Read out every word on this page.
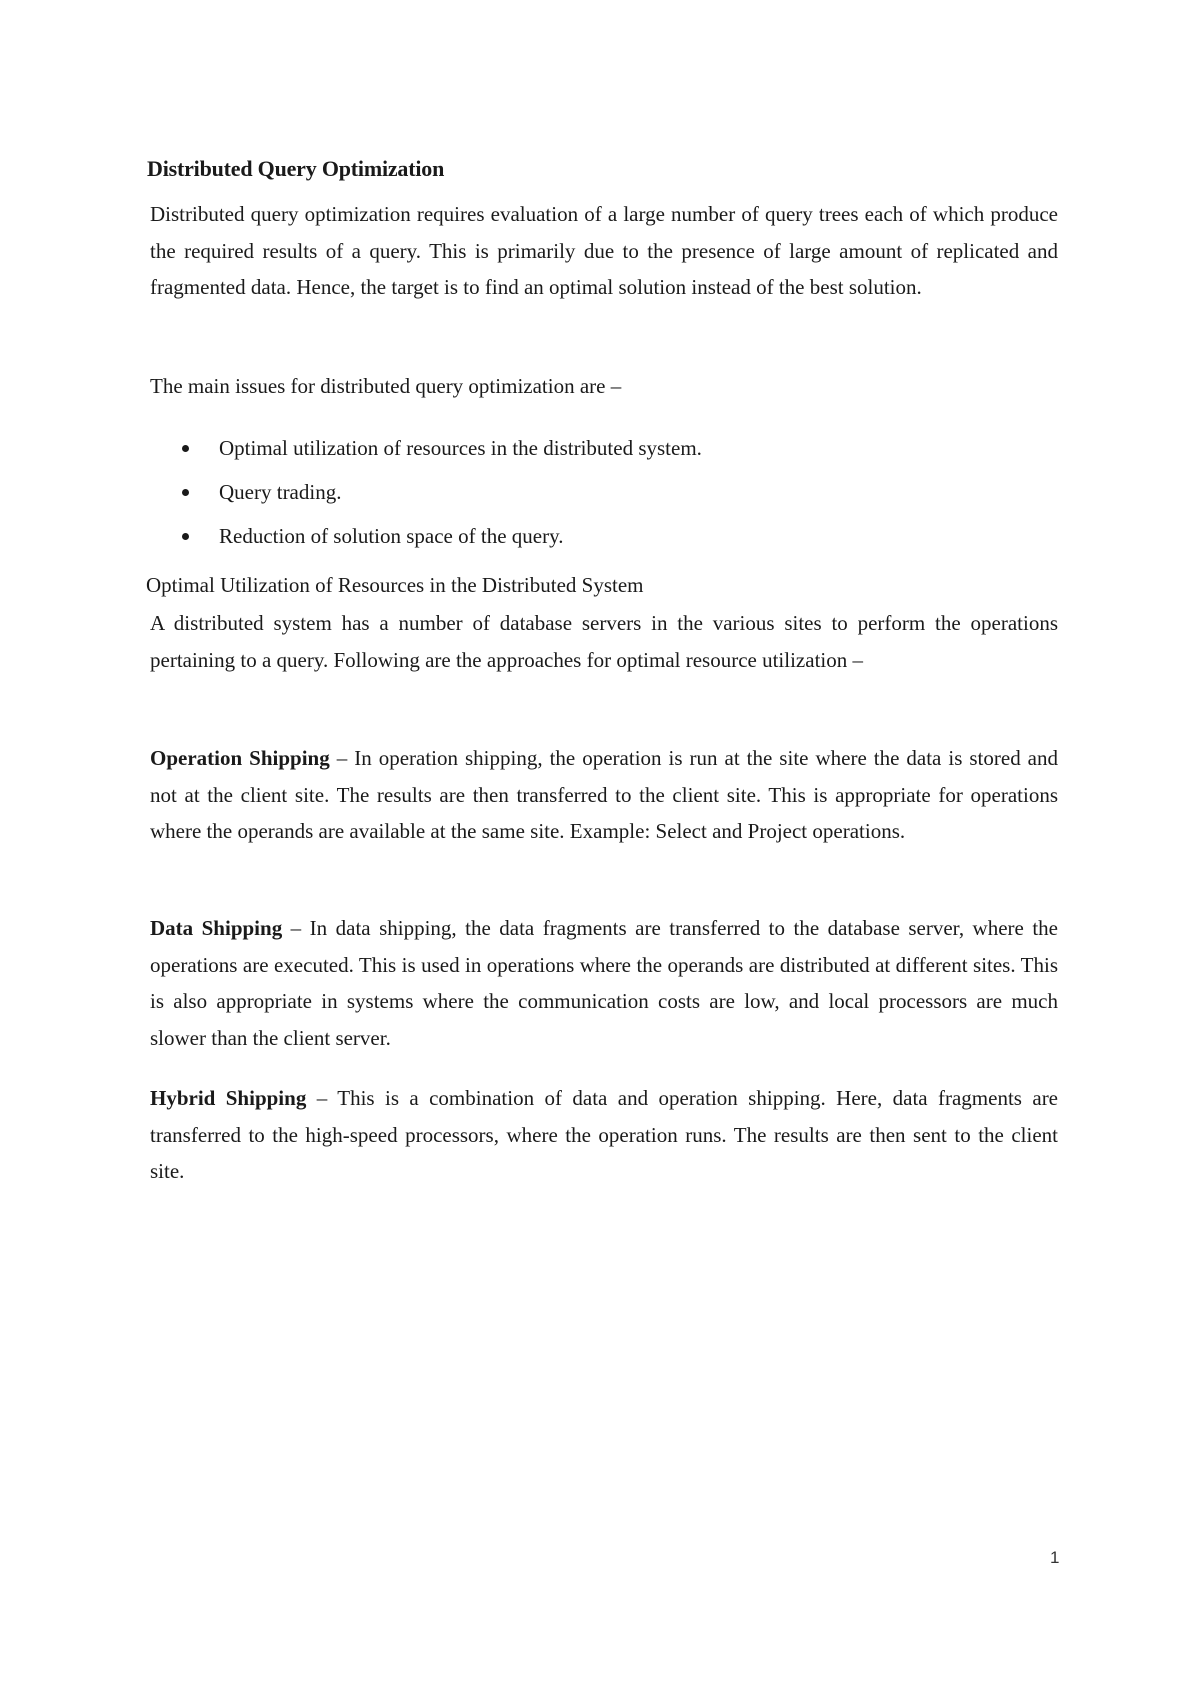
Distributed Query Optimization

Distributed query optimization requires evaluation of a large number of query trees each of which produce the required results of a query. This is primarily due to the presence of large amount of replicated and fragmented data. Hence, the target is to find an optimal solution instead of the best solution.

The main issues for distributed query optimization are –

Optimal utilization of resources in the distributed system.
Query trading.
Reduction of solution space of the query.
Optimal Utilization of Resources in the Distributed System

A distributed system has a number of database servers in the various sites to perform the operations pertaining to a query. Following are the approaches for optimal resource utilization –

Operation Shipping – In operation shipping, the operation is run at the site where the data is stored and not at the client site. The results are then transferred to the client site. This is appropriate for operations where the operands are available at the same site. Example: Select and Project operations.

Data Shipping – In data shipping, the data fragments are transferred to the database server, where the operations are executed. This is used in operations where the operands are distributed at different sites. This is also appropriate in systems where the communication costs are low, and local processors are much slower than the client server.

Hybrid Shipping – This is a combination of data and operation shipping. Here, data fragments are transferred to the high-speed processors, where the operation runs. The results are then sent to the client site.

1
